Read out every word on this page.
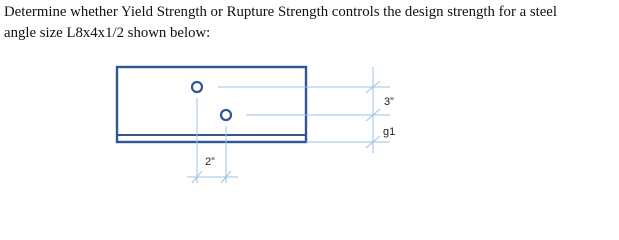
Determine whether Yield Strength or Rupture Strength controls the design strength for a steel
angle size L8x4x1/2 shown below:
3”
g1
2”
